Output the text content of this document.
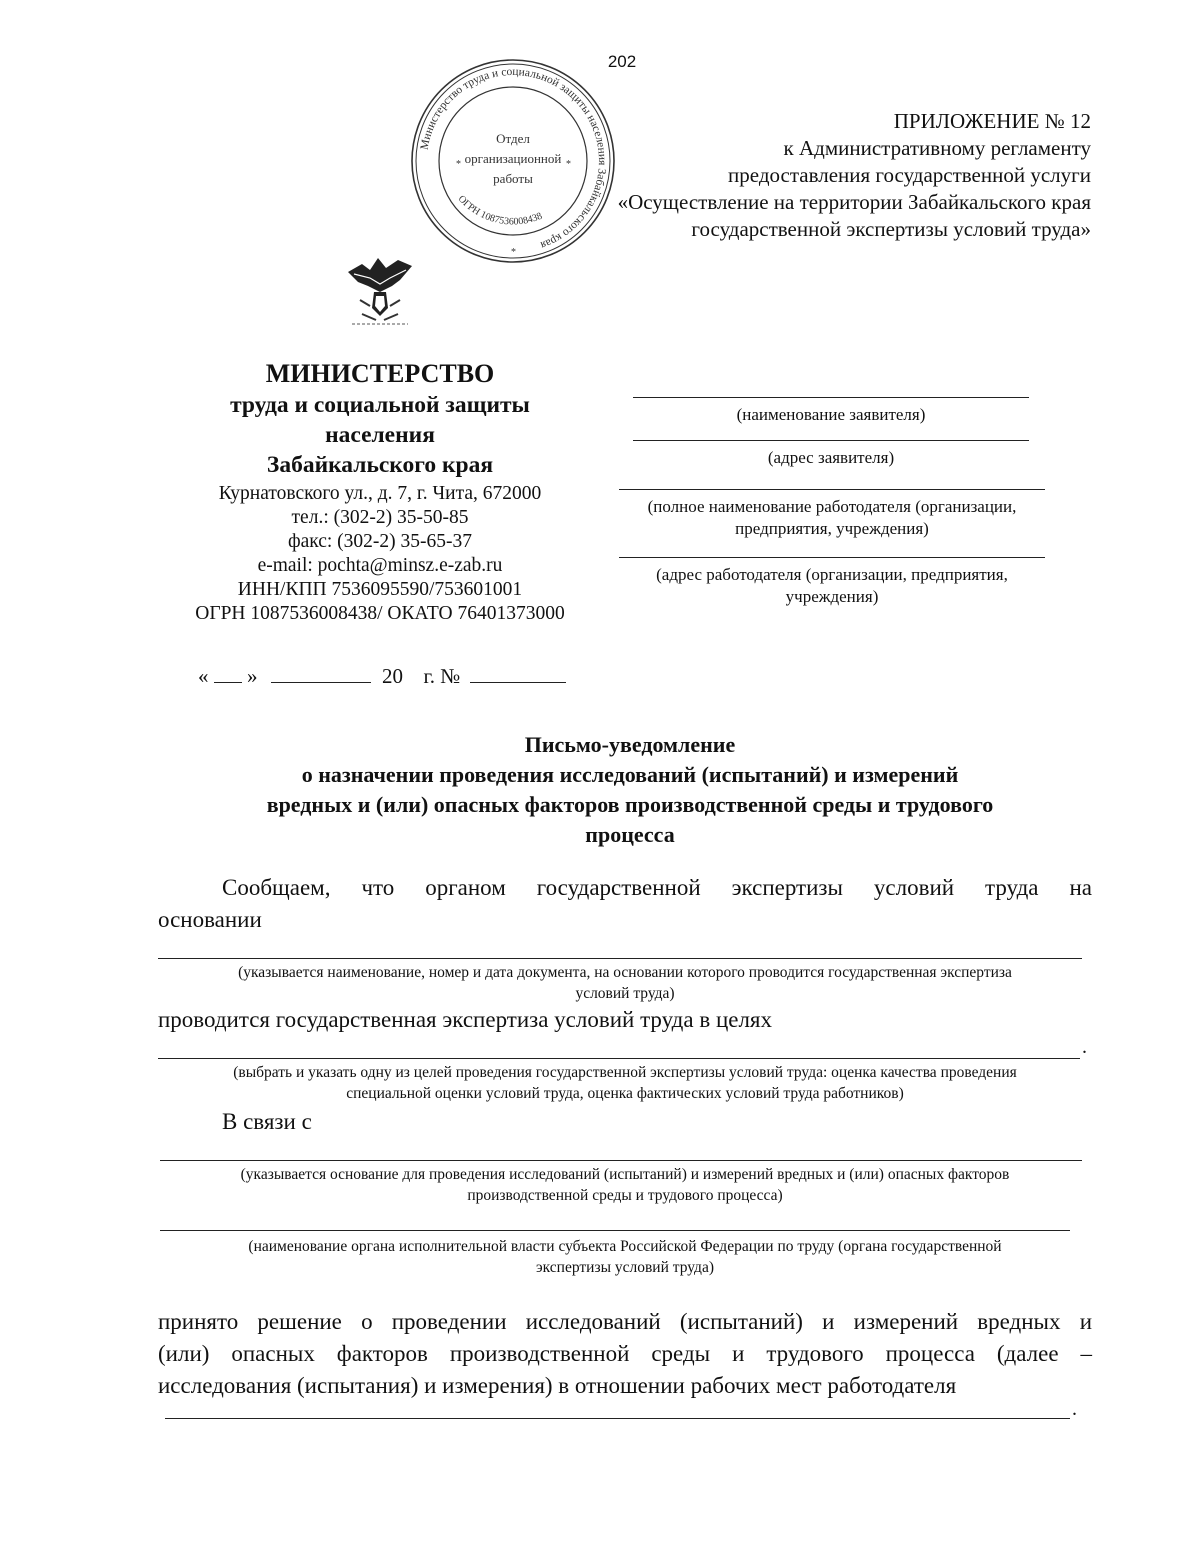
202
Министерство труда и социальной защиты населения Забайкальского края
ОГРН 1087536008438
Отдел
организационной
работы
*	*
*
ПРИЛОЖЕНИЕ № 12
к Административному регламенту
предоставления государственной услуги
«Осуществление на территории Забайкальского края
государственной экспертизы условий труда»
МИНИСТЕРСТВО
труда и социальной защиты
населения
Забайкальского края
Курнатовского ул., д. 7, г. Чита, 672000
тел.: (302-2) 35-50-85
факс: (302-2) 35-65-37
e-mail: pochta@minsz.e-zab.ru
ИНН/КПП 7536095590/753601001
ОГРН 1087536008438/ ОКАТО 76401373000
(наименование заявителя)
(адрес заявителя)
(полное наименование работодателя (организации,
предприятия, учреждения)
(адрес работодателя (организации, предприятия,
учреждения)
« »	20 г. №
Письмо-уведомление
о назначении проведения исследований (испытаний) и измерений
вредных и (или) опасных факторов производственной среды и трудового
процесса
Сообщаем, что органом государственной экспертизы условий труда на
основании
(указывается наименование, номер и дата документа, на основании которого проводится государственная экспертиза
условий труда)
проводится государственная экспертиза условий труда в целях
.
(выбрать и указать одну из целей проведения государственной экспертизы условий труда: оценка качества проведения
специальной оценки условий труда, оценка фактических условий труда работников)
В связи с
(указывается основание для проведения исследований (испытаний) и измерений вредных и (или) опасных факторов
производственной среды и трудового процесса)
(наименование органа исполнительной власти субъекта Российской Федерации по труду (органа государственной
экспертизы условий труда)
принято решение о проведении исследований (испытаний) и измерений вредных и
(или) опасных факторов производственной среды и трудового процесса (далее –
исследования (испытания) и измерения) в отношении рабочих мест работодателя
.
